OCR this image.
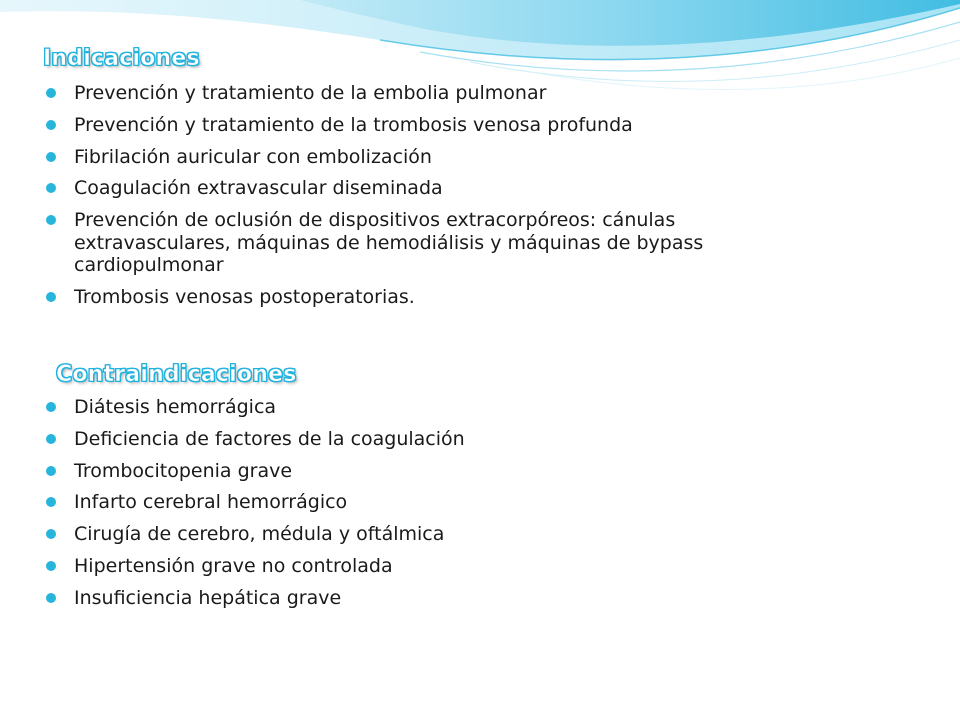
Indicaciones
Prevención y tratamiento de la embolia pulmonar
Prevención y tratamiento de la trombosis venosa profunda
Fibrilación auricular con embolización
Coagulación extravascular diseminada
Prevención de oclusión de dispositivos extracorpóreos: cánulas extravasculares, máquinas de hemodiálisis y máquinas de bypass cardiopulmonar
Trombosis venosas postoperatorias.
Contraindicaciones
Diátesis hemorrágica
Deficiencia de factores de la coagulación
Trombocitopenia grave
Infarto cerebral hemorrágico
Cirugía de cerebro, médula y oftálmica
Hipertensión grave no controlada
Insuficiencia hepática grave
